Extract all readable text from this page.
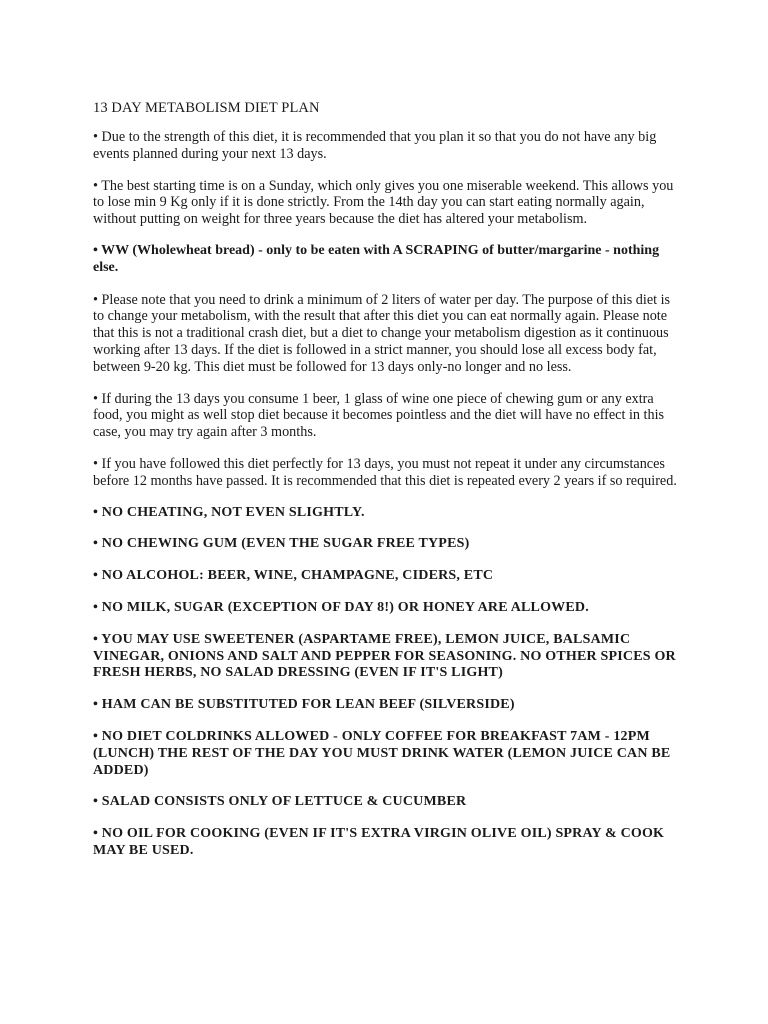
13 DAY METABOLISM DIET PLAN

• Due to the strength of this diet, it is recommended that you plan it so that you do not have any big events planned during your next 13 days.

• The best starting time is on a Sunday, which only gives you one miserable weekend. This allows you to lose min 9 Kg only if it is done strictly. From the 14th day you can start eating normally again, without putting on weight for three years because the diet has altered your metabolism.

• WW (Wholewheat bread) - only to be eaten with A SCRAPING of butter/margarine - nothing else.

• Please note that you need to drink a minimum of 2 liters of water per day. The purpose of this diet is to change your metabolism, with the result that after this diet you can eat normally again. Please note that this is not a traditional crash diet, but a diet to change your metabolism digestion as it continuous working after 13 days. If the diet is followed in a strict manner, you should lose all excess body fat, between 9-20 kg. This diet must be followed for 13 days only-no longer and no less.

• If during the 13 days you consume 1 beer, 1 glass of wine one piece of chewing gum or any extra food, you might as well stop diet because it becomes pointless and the diet will have no effect in this case, you may try again after 3 months.

• If you have followed this diet perfectly for 13 days, you must not repeat it under any circumstances before 12 months have passed. It is recommended that this diet is repeated every 2 years if so required.

• NO CHEATING, NOT EVEN SLIGHTLY.

• NO CHEWING GUM (EVEN THE SUGAR FREE TYPES)

• NO ALCOHOL: BEER, WINE, CHAMPAGNE, CIDERS, ETC

• NO MILK, SUGAR (EXCEPTION OF DAY 8!) OR HONEY ARE ALLOWED.

• YOU MAY USE SWEETENER (ASPARTAME FREE), LEMON JUICE, BALSAMIC VINEGAR, ONIONS AND SALT AND PEPPER FOR SEASONING. NO OTHER SPICES OR FRESH HERBS, NO SALAD DRESSING (EVEN IF IT'S LIGHT)

• HAM CAN BE SUBSTITUTED FOR LEAN BEEF (SILVERSIDE)

• NO DIET COLDRINKS ALLOWED - ONLY COFFEE FOR BREAKFAST 7AM - 12PM (LUNCH) THE REST OF THE DAY YOU MUST DRINK WATER (LEMON JUICE CAN BE ADDED)

• SALAD CONSISTS ONLY OF LETTUCE & CUCUMBER

• NO OIL FOR COOKING (EVEN IF IT'S EXTRA VIRGIN OLIVE OIL) SPRAY & COOK MAY BE USED.
